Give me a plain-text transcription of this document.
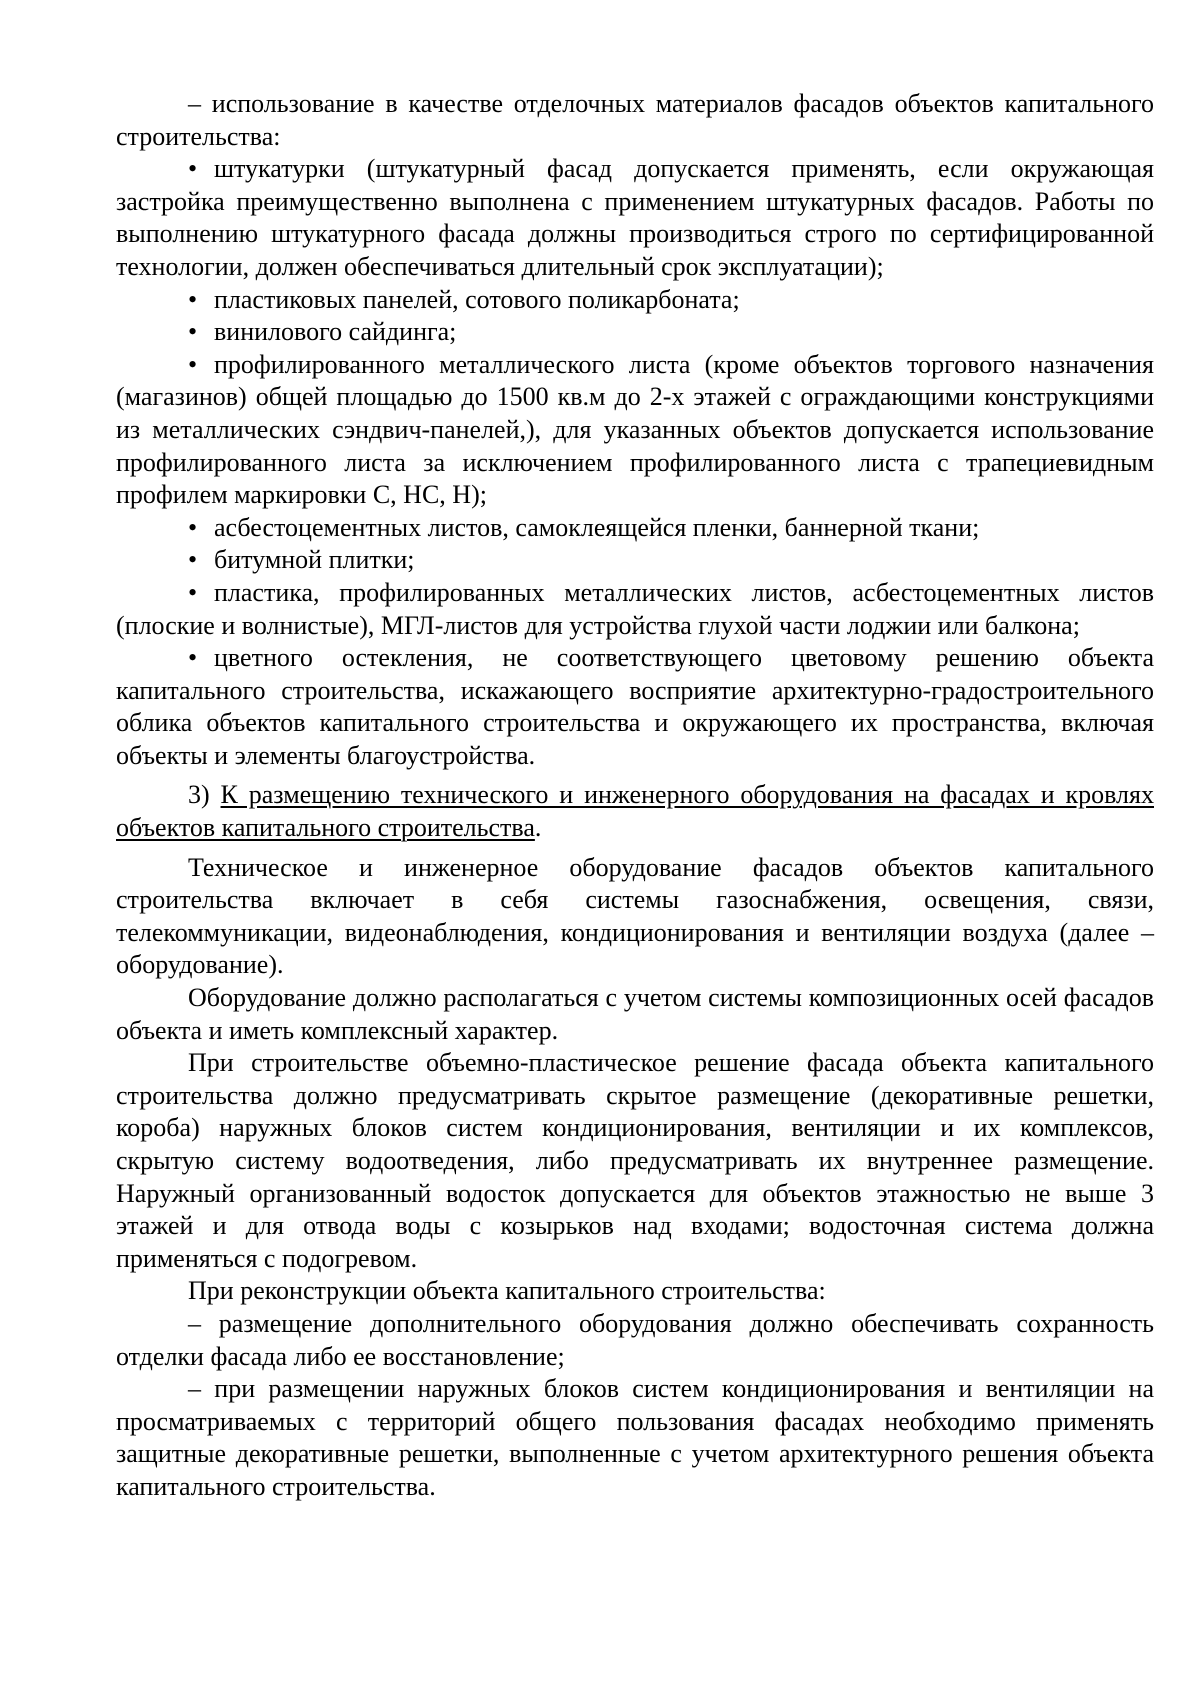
– использование в качестве отделочных материалов фасадов объектов капитального строительства:

• штукатурки (штукатурный фасад допускается применять, если окружающая застройка преимущественно выполнена с применением штукатурных фасадов. Работы по выполнению штукатурного фасада должны производиться строго по сертифицированной технологии, должен обеспечиваться длительный срок эксплуатации);

• пластиковых панелей, сотового поликарбоната;

• винилового сайдинга;

• профилированного металлического листа (кроме объектов торгового назначения (магазинов) общей площадью до 1500 кв.м до 2-х этажей с ограждающими конструкциями из металлических сэндвич-панелей,), для указанных объектов допускается использование профилированного листа за исключением профилированного листа с трапециевидным профилем маркировки С, НС, Н);

• асбестоцементных листов, самоклеящейся пленки, баннерной ткани;

• битумной плитки;

• пластика, профилированных металлических листов, асбестоцементных листов (плоские и волнистые), МГЛ-листов для устройства глухой части лоджии или балкона;

• цветного остекления, не соответствующего цветовому решению объекта капитального строительства, искажающего восприятие архитектурно-градостроительного облика объектов капитального строительства и окружающего их пространства, включая объекты и элементы благоустройства.

3) К размещению технического и инженерного оборудования на фасадах и кровлях объектов капитального строительства.

Техническое и инженерное оборудование фасадов объектов капитального строительства включает в себя системы газоснабжения, освещения, связи, телекоммуникации, видеонаблюдения, кондиционирования и вентиляции воздуха (далее – оборудование).

Оборудование должно располагаться с учетом системы композиционных осей фасадов объекта и иметь комплексный характер.

При строительстве объемно-пластическое решение фасада объекта капитального строительства должно предусматривать скрытое размещение (декоративные решетки, короба) наружных блоков систем кондиционирования, вентиляции и их комплексов, скрытую систему водоотведения, либо предусматривать их внутреннее размещение. Наружный организованный водосток допускается для объектов этажностью не выше 3 этажей и для отвода воды с козырьков над входами; водосточная система должна применяться с подогревом.

При реконструкции объекта капитального строительства:

– размещение дополнительного оборудования должно обеспечивать сохранность отделки фасада либо ее восстановление;

– при размещении наружных блоков систем кондиционирования и вентиляции на просматриваемых с территорий общего пользования фасадах необходимо применять защитные декоративные решетки, выполненные с учетом архитектурного решения объекта капитального строительства.
